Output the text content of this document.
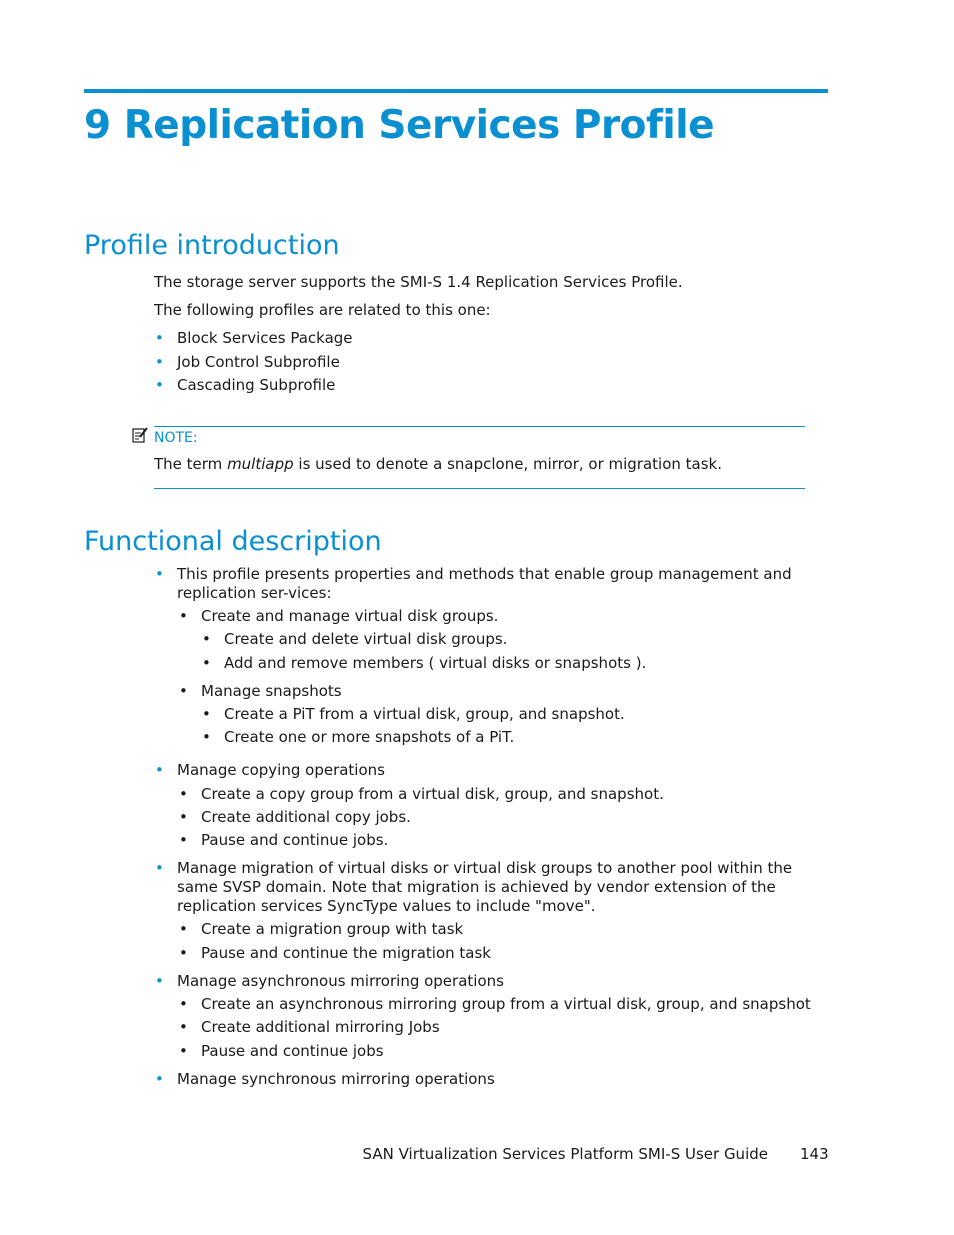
9 Replication Services Profile
Profile introduction

The storage server supports the SMI-S 1.4 Replication Services Profile.

The following profiles are related to this one:

• Block Services Package

• Job Control Subprofile

• Cascading Subprofile

NOTE:

The term multiapp is used to denote a snapclone, mirror, or migration task.

Functional description

• This profile presents properties and methods that enable group management and replication ser-vices:

• Create and manage virtual disk groups.

• Create and delete virtual disk groups.

• Add and remove members ( virtual disks or snapshots ).

• Manage snapshots

• Create a PiT from a virtual disk, group, and snapshot.

• Create one or more snapshots of a PiT.

• Manage copying operations

• Create a copy group from a virtual disk, group, and snapshot.

• Create additional copy jobs.

• Pause and continue jobs.

• Manage migration of virtual disks or virtual disk groups to another pool within the same SVSP domain. Note that migration is achieved by vendor extension of the replication services SyncType values to include "move".

• Create a migration group with task

• Pause and continue the migration task

• Manage asynchronous mirroring operations

• Create an asynchronous mirroring group from a virtual disk, group, and snapshot

• Create additional mirroring Jobs

• Pause and continue jobs

• Manage synchronous mirroring operations

SAN Virtualization Services Platform SMI-S User Guide 143
